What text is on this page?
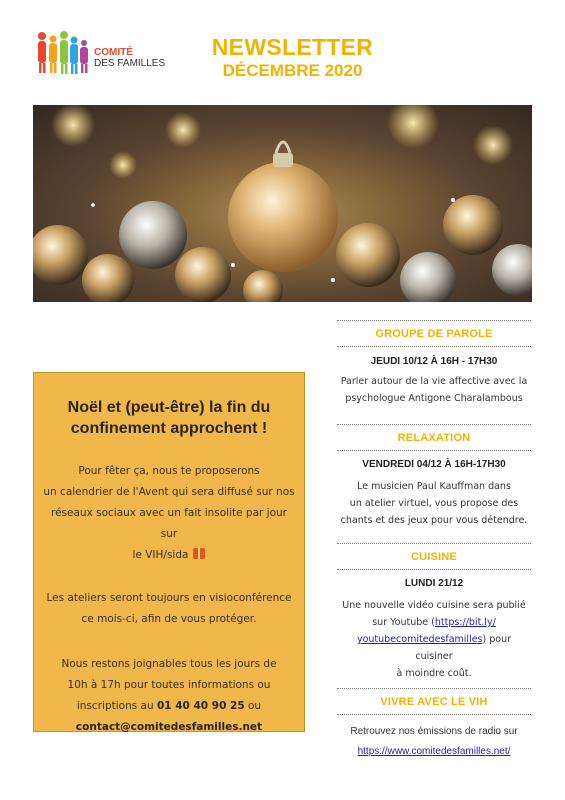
COMITÉ
DES FAMILLES
NEWSLETTER
DÉCEMBRE 2020
Noël et (peut-être) la fin du
confinement approchent !
Pour fêter ça, nous te proposerons
un calendrier de l'Avent qui sera diffusé sur nos
réseaux sociaux avec un fait insolite par jour sur
le VIH/sida
Les ateliers seront toujours en visioconférence
ce mois-ci, afin de vous protéger.
Nous restons joignables tous les jours de
10h à 17h pour toutes informations ou
inscriptions au 01 40 40 90 25 ou
contact@comitedesfamilles.net
GROUPE DE PAROLE
JEUDI 10/12 À 16H - 17H30
Parler autour de la vie affective avec la
psychologue Antigone Charalambous
RELAXATION
VENDREDI 04/12 À 16H-17H30
Le musicien Paul Kauffman dans
un atelier virtuel, vous propose des
chants et des jeux pour vous détendre.
CUISINE
LUNDI 21/12
Une nouvelle vidéo cuisine sera publié
sur Youtube (https://bit.ly/
youtubecomitedesfamilles) pour cuisiner
à moindre coût.
VIVRE AVEC LE VIH
Retrouvez nos émissions de radio sur
https://www.comitedesfamilles.net/
